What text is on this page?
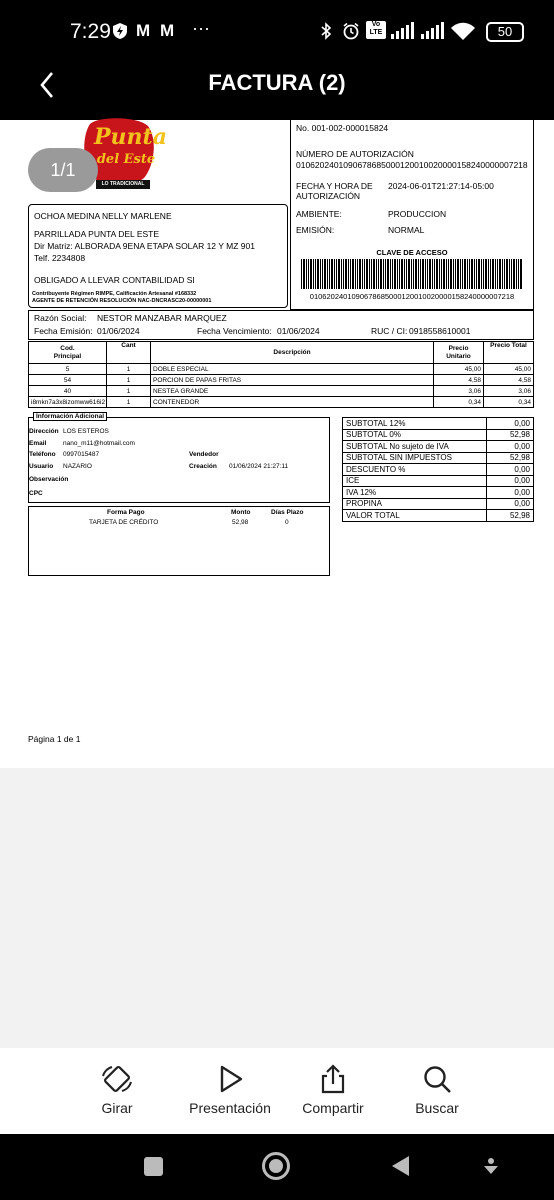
7:29 M M ···	Vo LTE	50
FACTURA (2)
Punta
del Este
LO TRADICIONAL
1/1
No. 001-002-000015824
NÚMERO DE AUTORIZACIÓN
0106202401090678685000120010020000158240000007218
FECHA Y HORA DE
AUTORIZACIÓN
2024-06-01T21:27:14-05:00
AMBIENTE:	PRODUCCION
EMISIÓN:	NORMAL
CLAVE DE ACCESO
0106202401090678685000120010020000158240000007218
OCHOA MEDINA NELLY MARLENE
PARRILLADA PUNTA DEL ESTE
Dir Matriz: ALBORADA 9ENA ETAPA SOLAR 12 Y MZ 901
Telf. 2234808
OBLIGADO A LLEVAR CONTABILIDAD SI
Contribuyente Régimen RIMPE, Calificación Artesanal #168332
AGENTE DE RETENCIÓN RESOLUCIÓN NAC-DNCRASC20-00000001
Razón Social: NESTOR MANZABAR MARQUEZ
Fecha Emisión: 01/06/2024	Fecha Vencimiento: 01/06/2024	RUC / CI: 0918558610001
Cod.
Principal	Cant	Descripción	Precio
Unitario	Precio Total
5	1	DOBLE ESPECIAL	45,00	45,00
54	1	PORCION DE PAPAS FRITAS	4,58	4,58
40	1	NESTEA GRANDE	3,06	3,06
i8mkn7a3x8izomww616i2	1	CONTENEDOR	0,34	0,34
Información Adicional
Dirección LOS ESTEROS
Email	nano_m11@hotmail.com
Teléfono 0997015487	Vendedor
Usuario NAZARIO	Creación 01/06/2024 21:27:11
Observación
CPC
Forma Pago	Monto	Días Plazo
TARJETA DE CRÉDITO	52,98	0
SUBTOTAL 12%	0,00
SUBTOTAL 0%	52,98
SUBTOTAL No sujeto de IVA	0,00
SUBTOTAL SIN IMPUESTOS	52,98
DESCUENTO %	0,00
ICE	0,00
IVA 12%	0,00
PROPINA	0,00
VALOR TOTAL	52,98
Página 1 de 1
Girar	Presentación	Compartir	Buscar
